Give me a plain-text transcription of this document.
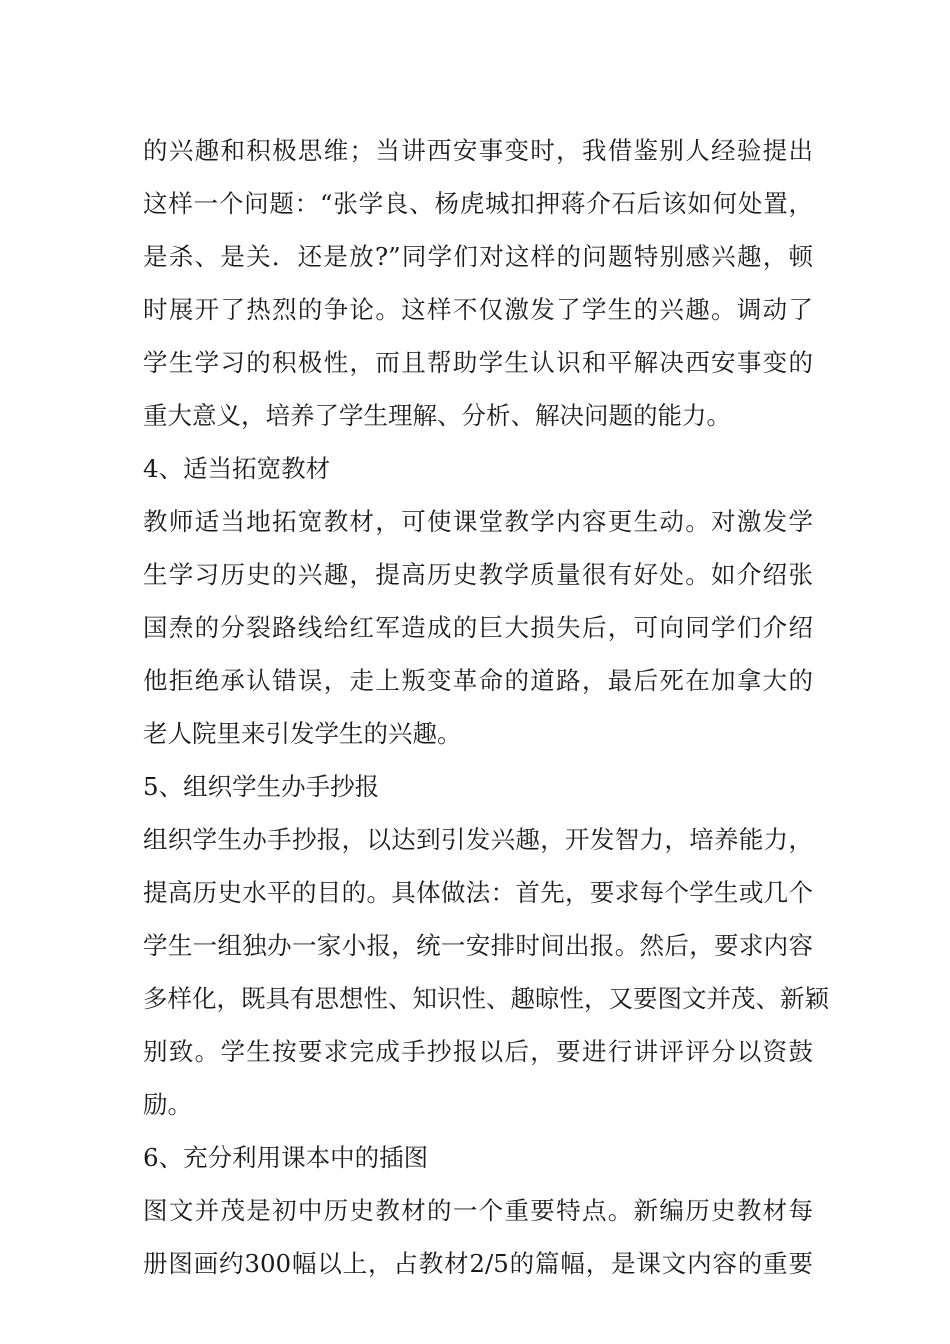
的兴趣和积极思维；当讲西安事变时，我借鉴别人经验提出
这样一个问题：“张学良、杨虎城扣押蒋介石后该如何处置，
是杀、是关．还是放?”同学们对这样的问题特别感兴趣，顿
时展开了热烈的争论。这样不仅激发了学生的兴趣。调动了
学生学习的积极性，而且帮助学生认识和平解决西安事变的
重大意义，培养了学生理解、分析、解决问题的能力。
4、适当拓宽教材
教师适当地拓宽教材，可使课堂教学内容更生动。对激发学
生学习历史的兴趣，提高历史教学质量很有好处。如介绍张
国焘的分裂路线给红军造成的巨大损失后，可向同学们介绍
他拒绝承认错误，走上叛变革命的道路，最后死在加拿大的
老人院里来引发学生的兴趣。
5、组织学生办手抄报
组织学生办手抄报，以达到引发兴趣，开发智力，培养能力，
提高历史水平的目的。具体做法：首先，要求每个学生或几个
学生一组独办一家小报，统一安排时间出报。然后，要求内容
多样化，既具有思想性、知识性、趣晾性，又要图文并茂、新颖
别致。学生按要求完成手抄报以后，要进行讲评评分以资鼓
励。
6、充分利用课本中的插图
图文并茂是初中历史教材的一个重要特点。新编历史教材每
册图画约300幅以上，占教材2/5的篇幅，是课文内容的重要
